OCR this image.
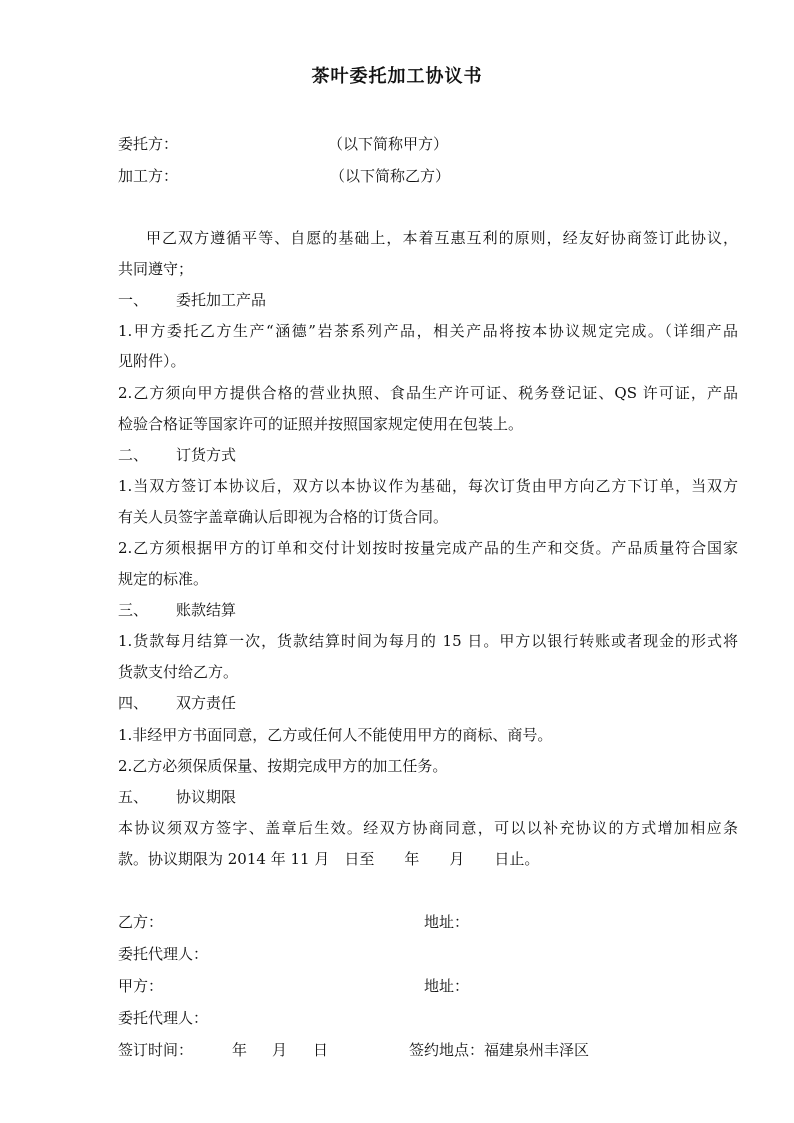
茶叶委托加工协议书
委托方：	（以下简称甲方）
加工方：	（以下简称乙方）
甲乙双方遵循平等、自愿的基础上，本着互惠互利的原则，经友好协商签订此协议，
共同遵守；
一、 委托加工产品
1.甲方委托乙方生产“涵德”岩茶系列产品，相关产品将按本协议规定完成。（详细产品
见附件）。
2.乙方须向甲方提供合格的营业执照、食品生产许可证、税务登记证、QS 许可证，产品
检验合格证等国家许可的证照并按照国家规定使用在包装上。
二、 订货方式
1.当双方签订本协议后，双方以本协议作为基础，每次订货由甲方向乙方下订单，当双方
有关人员签字盖章确认后即视为合格的订货合同。
2.乙方须根据甲方的订单和交付计划按时按量完成产品的生产和交货。产品质量符合国家
规定的标准。
三、 账款结算
1.货款每月结算一次，货款结算时间为每月的 15 日。甲方以银行转账或者现金的形式将
货款支付给乙方。
四、 双方责任
1.非经甲方书面同意，乙方或任何人不能使用甲方的商标、商号。
2.乙方必须保质保量、按期完成甲方的加工任务。
五、 协议期限
本协议须双方签字、盖章后生效。经双方协商同意，可以以补充协议的方式增加相应条
款。协议期限为 2014 年 11 月　日至　　年　　月　　日止。
乙方：	地址：
委托代理人：
甲方：	地址：
委托代理人：
签订时间：	年 月 日	签约地点：福建泉州丰泽区
